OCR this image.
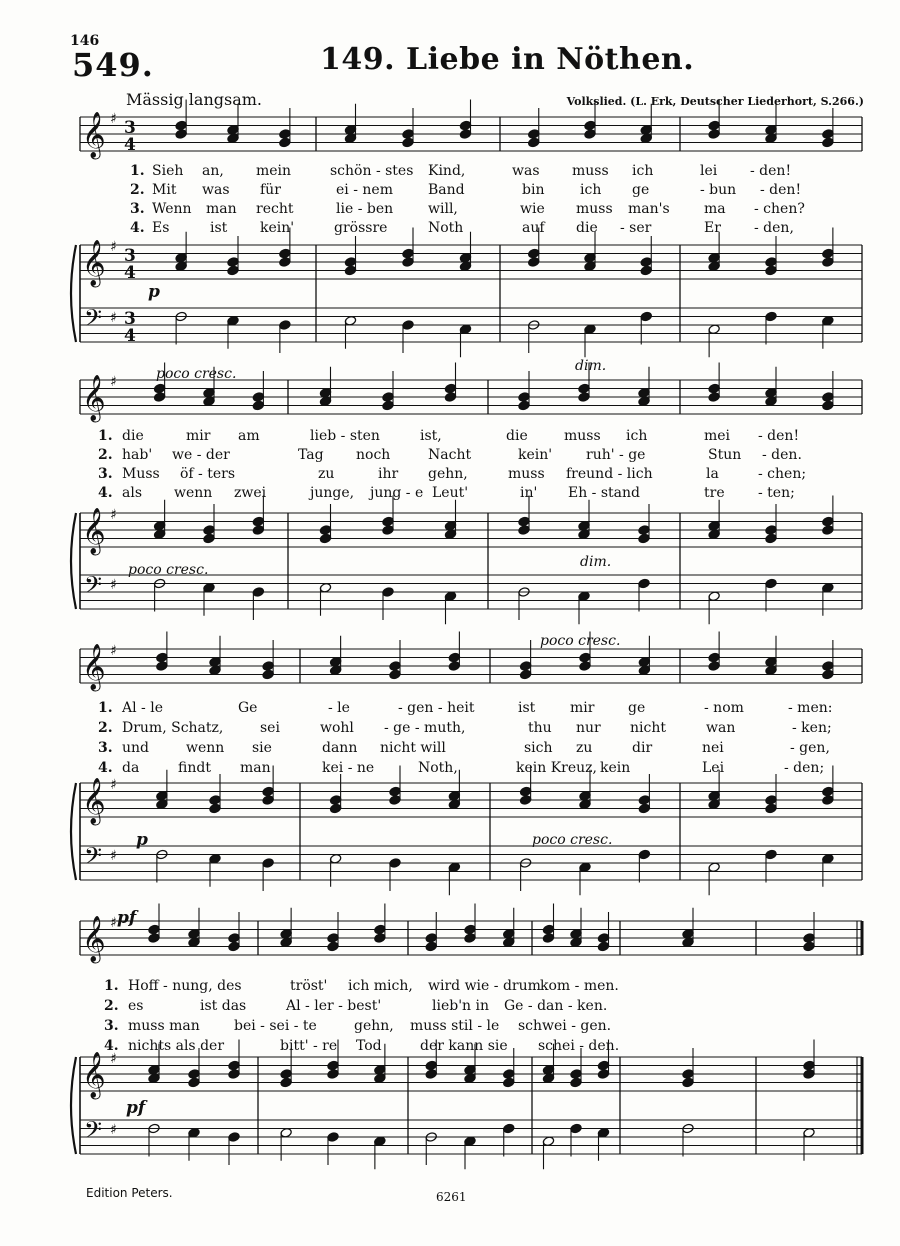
146
549.	149. Liebe in Nöthen.
Mässig langsam.	Volkslied. (L. Erk, Deutscher Liederhort, S.266.)
𝄞
𝄞
𝄢
♯
♯
♯
3
4
3
4
3
4
𝄞
𝄞
𝄢
♯
♯
♯
𝄞
𝄞
𝄢
♯
♯
♯
𝄞
𝄞
𝄢
♯
♯
♯
poco cresc.	dim.
poco cresc.	dim.
poco cresc.
poco cresc.
p
p
pf
pf
1. Sieh an, mein	schön - stes Kind,	was muss ich	lei - den!
2. Mit was für	ei - nem	Band	bin	ich ge	- bun - den!
3. Wenn man recht	lie - ben will,	wie muss man's ma - chen?
4. Es	ist kein'	grössre	Noth	auf die - ser	Er - den,
1. die	mir am	lieb - sten	ist,	die	muss ich	mei - den!
2. hab' we - der	Tag noch	Nacht	kein' ruh' - ge	Stun - den.
3. Muss öf - ters	zu	ihr gehn,	muss freund - lich	la	- chen;
4. als wenn zwei	junge, jung - e Leut'	in' Eh - stand	tre - ten;
1. Al - le	Ge	- le	- gen - heit	ist mir ge	- nom	- men:
2. Drum, Schatz,	sei	wohl - ge - muth,	thu nur nicht	wan	- ken;
3. und	wenn sie	dann nicht will	sich zu	dir	nei	- gen,
4. da	findt man	kei - ne	Noth,	kein Kreuz, kein	Lei	- den;
1. Hoff - nung, des	tröst' ich mich, wird wie - drum kom - men.
2. es	ist das	Al - ler - best'	lieb'n in Ge - dan - ken.
3. muss man bei - sei - te	gehn, muss stil - le schwei - gen.
4. nichts als der	bitt' - re Tod	der kann sie schei - den.
Edition Peters.	6261
